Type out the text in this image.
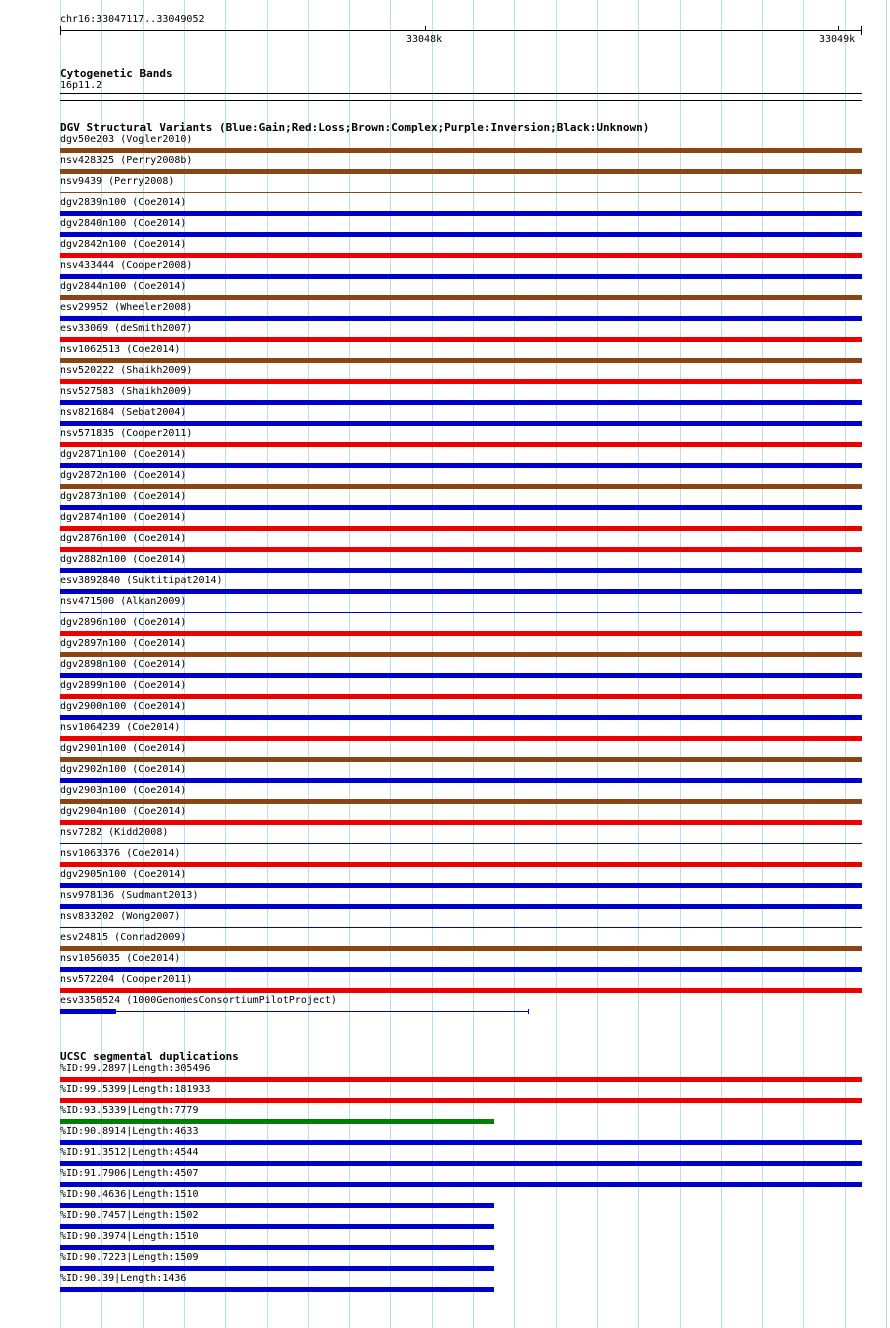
chr16:33047117..33049052
33048k	33049k
Cytogenetic Bands
16p11.2
DGV Structural Variants (Blue:Gain;Red:Loss;Brown:Complex;Purple:Inversion;Black:Unknown)
dgv50e203 (Vogler2010)
nsv428325 (Perry2008b)
nsv9439 (Perry2008)
dgv2839n100 (Coe2014)
dgv2840n100 (Coe2014)
dgv2842n100 (Coe2014)
nsv433444 (Cooper2008)
dgv2844n100 (Coe2014)
esv29952 (Wheeler2008)
esv33069 (deSmith2007)
nsv1062513 (Coe2014)
nsv520222 (Shaikh2009)
nsv527583 (Shaikh2009)
nsv821684 (Sebat2004)
nsv571835 (Cooper2011)
dgv2871n100 (Coe2014)
dgv2872n100 (Coe2014)
dgv2873n100 (Coe2014)
dgv2874n100 (Coe2014)
dgv2876n100 (Coe2014)
dgv2882n100 (Coe2014)
esv3892840 (Suktitipat2014)
nsv471500 (Alkan2009)
dgv2896n100 (Coe2014)
dgv2897n100 (Coe2014)
dgv2898n100 (Coe2014)
dgv2899n100 (Coe2014)
dgv2900n100 (Coe2014)
nsv1064239 (Coe2014)
dgv2901n100 (Coe2014)
dgv2902n100 (Coe2014)
dgv2903n100 (Coe2014)
dgv2904n100 (Coe2014)
nsv7282 (Kidd2008)
nsv1063376 (Coe2014)
dgv2905n100 (Coe2014)
nsv978136 (Sudmant2013)
nsv833202 (Wong2007)
esv24815 (Conrad2009)
nsv1056035 (Coe2014)
nsv572204 (Cooper2011)
esv3350524 (1000GenomesConsortiumPilotProject)
UCSC segmental duplications
%ID:99.2897|Length:305496
%ID:99.5399|Length:181933
%ID:93.5339|Length:7779
%ID:90.8914|Length:4633
%ID:91.3512|Length:4544
%ID:91.7906|Length:4507
%ID:90.4636|Length:1510
%ID:90.7457|Length:1502
%ID:90.3974|Length:1510
%ID:90.7223|Length:1509
%ID:90.39|Length:1436
